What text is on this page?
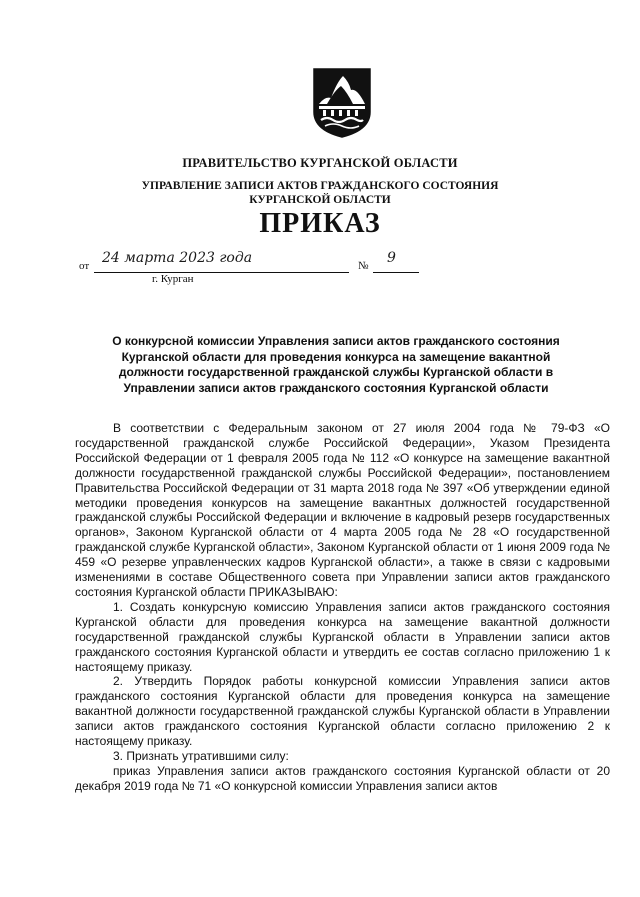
ПРАВИТЕЛЬСТВО КУРГАНСКОЙ ОБЛАСТИ
УПРАВЛЕНИЕ ЗАПИСИ АКТОВ ГРАЖДАНСКОГО СОСТОЯНИЯ
КУРГАНСКОЙ ОБЛАСТИ
ПРИКАЗ
от 24 марта 2023 года	№ 9
г. Курган
О конкурсной комиссии Управления записи актов гражданского состояния Курганской области для проведения конкурса на замещение вакантной должности государственной гражданской службы Курганской области в Управлении записи актов гражданского состояния Курганской области

В соответствии с Федеральным законом от 27 июля 2004 года № 79-ФЗ «О государственной гражданской службе Российской Федерации», Указом Президента Российской Федерации от 1 февраля 2005 года № 112 «О конкурсе на замещение вакантной должности государственной гражданской службы Российской Федерации», постановлением Правительства Российской Федерации от 31 марта 2018 года № 397 «Об утверждении единой методики проведения конкурсов на замещение вакантных должностей государственной гражданской службы Российской Федерации и включение в кадровый резерв государственных органов», Законом Курганской области от 4 марта 2005 года № 28 «О государственной гражданской службе Курганской области», Законом Курганской области от 1 июня 2009 года № 459 «О резерве управленческих кадров Курганской области», а также в связи с кадровыми изменениями в составе Общественного совета при Управлении записи актов гражданского состояния Курганской области ПРИКАЗЫВАЮ:

1. Создать конкурсную комиссию Управления записи актов гражданского состояния Курганской области для проведения конкурса на замещение вакантной должности государственной гражданской службы Курганской области в Управлении записи актов гражданского состояния Курганской области и утвердить ее состав согласно приложению 1 к настоящему приказу.

2. Утвердить Порядок работы конкурсной комиссии Управления записи актов гражданского состояния Курганской области для проведения конкурса на замещение вакантной должности государственной гражданской службы Курганской области в Управлении записи актов гражданского состояния Курганской области согласно приложению 2 к настоящему приказу.

3. Признать утратившими силу:

приказ Управления записи актов гражданского состояния Курганской области от 20 декабря 2019 года № 71 «О конкурсной комиссии Управления записи актов
